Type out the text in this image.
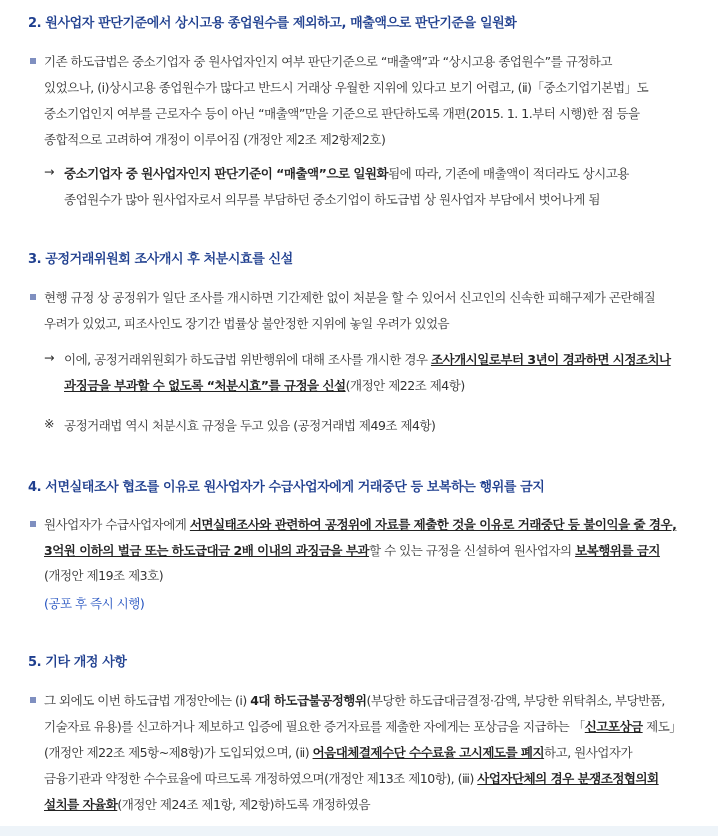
2. 원사업자 판단기준에서 상시고용 종업원수를 제외하고, 매출액으로 판단기준을 일원화
기존 하도급법은 중소기업자 중 원사업자인지 여부 판단기준으로 “매출액”과 “상시고용 종업원수”를 규정하고
있었으나, (ⅰ)상시고용 종업원수가 많다고 반드시 거래상 우월한 지위에 있다고 보기 어렵고, (ⅱ)「중소기업기본법」도
중소기업인지 여부를 근로자수 등이 아닌 “매출액”만을 기준으로 판단하도록 개편(2015. 1. 1.부터 시행)한 점 등을
종합적으로 고려하여 개정이 이루어짐 (개정안 제2조 제2항제2호)
→ 중소기업자 중 원사업자인지 판단기준이 “매출액”으로 일원화됨에 따라, 기존에 매출액이 적더라도 상시고용
종업원수가 많아 원사업자로서 의무를 부담하던 중소기업이 하도급법 상 원사업자 부담에서 벗어나게 됨
3. 공정거래위원회 조사개시 후 처분시효를 신설
현행 규정 상 공정위가 일단 조사를 개시하면 기간제한 없이 처분을 할 수 있어서 신고인의 신속한 피해구제가 곤란해질
우려가 있었고, 피조사인도 장기간 법률상 불안정한 지위에 놓일 우려가 있었음
→ 이에, 공정거래위원회가 하도급법 위반행위에 대해 조사를 개시한 경우 조사개시일로부터 3년이 경과하면 시정조치나
과징금을 부과할 수 없도록 “처분시효”를 규정을 신설(개정안 제22조 제4항)
※ 공정거래법 역시 처분시효 규정을 두고 있음 (공정거래법 제49조 제4항)
4. 서면실태조사 협조를 이유로 원사업자가 수급사업자에게 거래중단 등 보복하는 행위를 금지
원사업자가 수급사업자에게 서면실태조사와 관련하여 공정위에 자료를 제출한 것을 이유로 거래중단 등 불이익을 줄 경우,
3억원 이하의 벌금 또는 하도급대금 2배 이내의 과징금을 부과할 수 있는 규정을 신설하여 원사업자의 보복행위를 금지
(개정안 제19조 제3호)
(공포 후 즉시 시행)
5. 기타 개정 사항
그 외에도 이번 하도급법 개정안에는 (ⅰ) 4대 하도급불공정행위(부당한 하도급대금결정·감액, 부당한 위탁취소, 부당반품,
기술자료 유용)를 신고하거나 제보하고 입증에 필요한 증거자료를 제출한 자에게는 포상금을 지급하는 「신고포상금 제도」
(개정안 제22조 제5항~제8항)가 도입되었으며, (ⅱ) 어음대체결제수단 수수료율 고시제도를 폐지하고, 원사업자가
금융기관과 약정한 수수료율에 따르도록 개정하였으며(개정안 제13조 제10항), (ⅲ) 사업자단체의 경우 분쟁조정협의회
설치를 자율화(개정안 제24조 제1항, 제2항)하도록 개정하였음
